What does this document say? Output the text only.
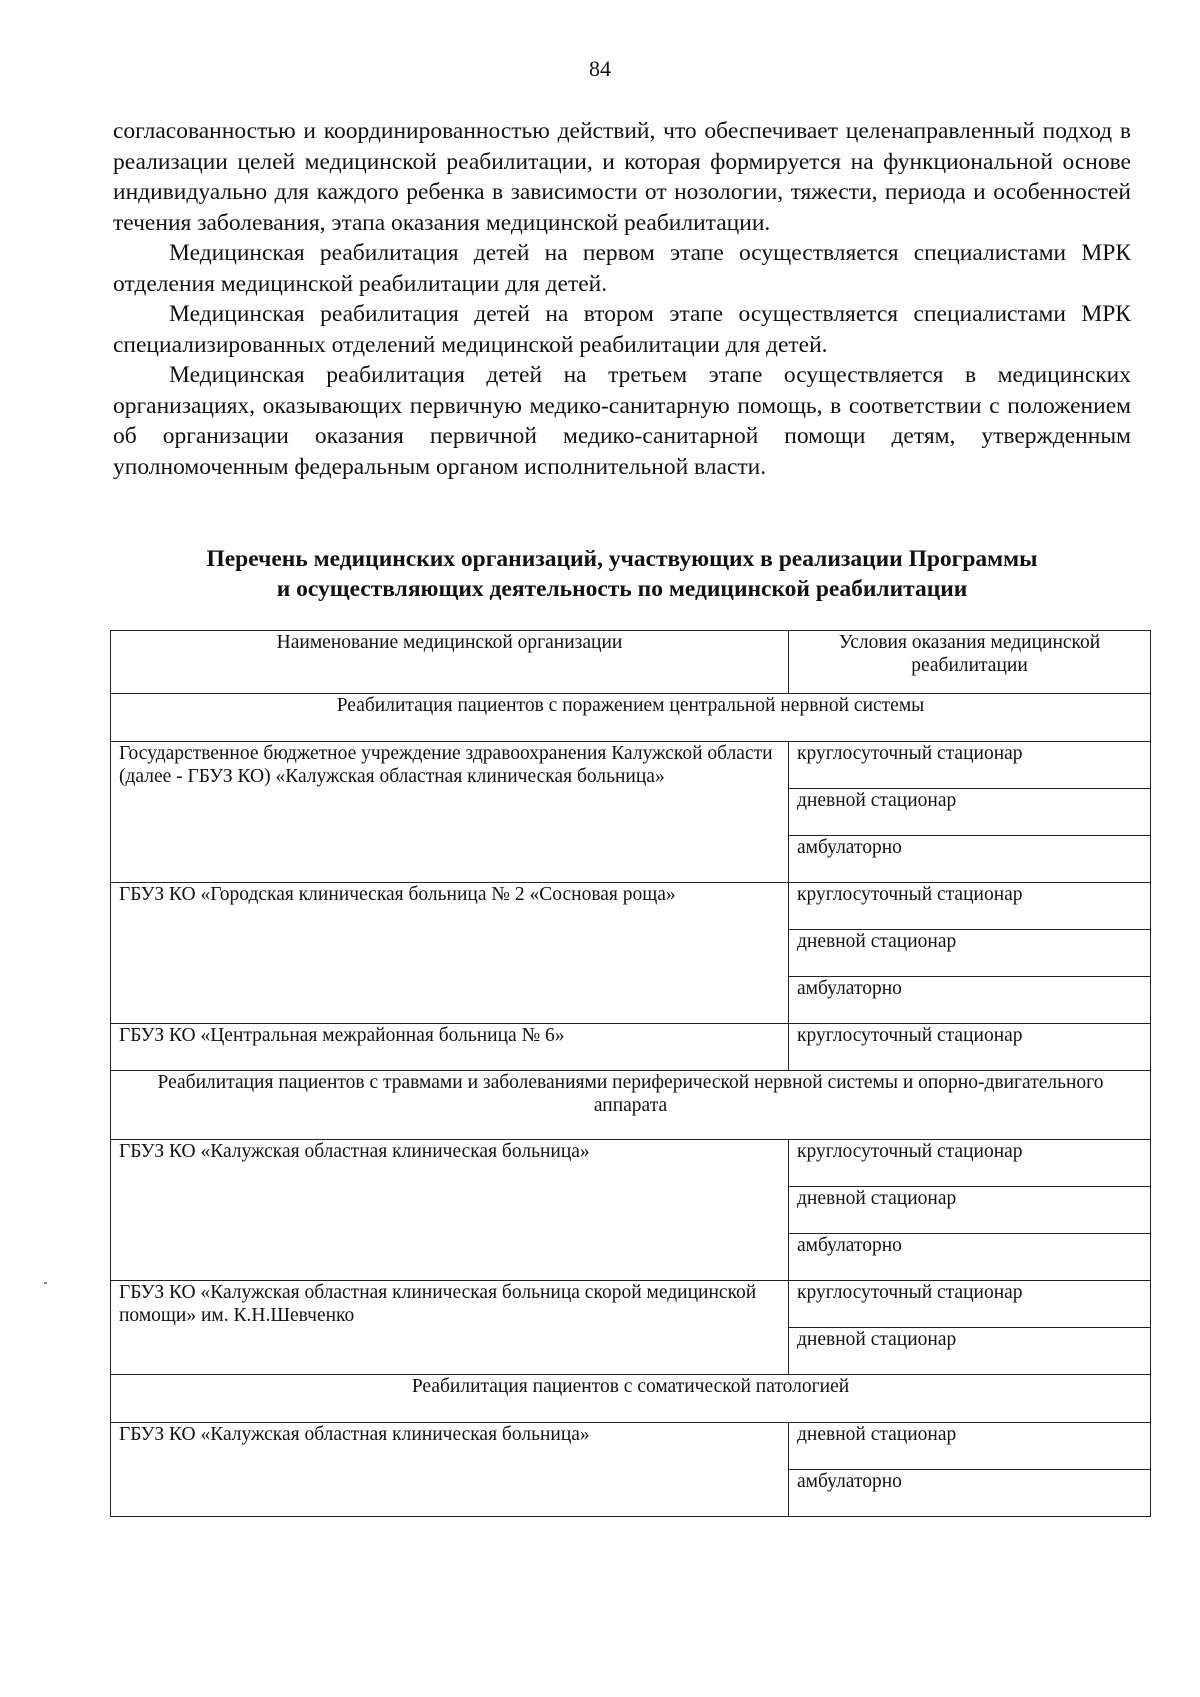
84

согласованностью и координированностью действий, что обеспечивает целенаправленный подход в реализации целей медицинской реабилитации, и которая формируется на функциональной основе индивидуально для каждого ребенка в зависимости от нозологии, тяжести, периода и особенностей течения заболевания, этапа оказания медицинской реабилитации.

Медицинская реабилитация детей на первом этапе осуществляется специалистами МРК отделения медицинской реабилитации для детей.

Медицинская реабилитация детей на втором этапе осуществляется специалистами МРК специализированных отделений медицинской реабилитации для детей.

Медицинская реабилитация детей на третьем этапе осуществляется в медицинских организациях, оказывающих первичную медико-санитарную помощь, в соответствии с положением об организации оказания первичной медико-санитарной помощи детям, утвержденным уполномоченным федеральным органом исполнительной власти.

Перечень медицинских организаций, участвующих в реализации Программы
и осуществляющих деятельность по медицинской реабилитации
Наименование медицинской организации	Условия оказания медицинской реабилитации
Реабилитация пациентов с поражением центральной нервной системы	
Государственное бюджетное учреждение здравоохранения Калужской области (далее - ГБУЗ КО) «Калужская областная клиническая больница»	круглосуточный стационар
	дневной стационар
	амбулаторно
ГБУЗ КО «Городская клиническая больница № 2 «Сосновая роща»	круглосуточный стационар
	дневной стационар
	амбулаторно
ГБУЗ КО «Центральная межрайонная больница № 6»	круглосуточный стационар
Реабилитация пациентов с травмами и заболеваниями периферической нервной системы и опорно-двигательного аппарата	
ГБУЗ КО «Калужская областная клиническая больница»	круглосуточный стационар
	дневной стационар
	амбулаторно
ГБУЗ КО «Калужская областная клиническая больница скорой медицинской помощи» им. К.Н.Шевченко	круглосуточный стационар
	дневной стационар
Реабилитация пациентов с соматической патологией	
ГБУЗ КО «Калужская областная клиническая больница»	дневной стационар
	амбулаторно
